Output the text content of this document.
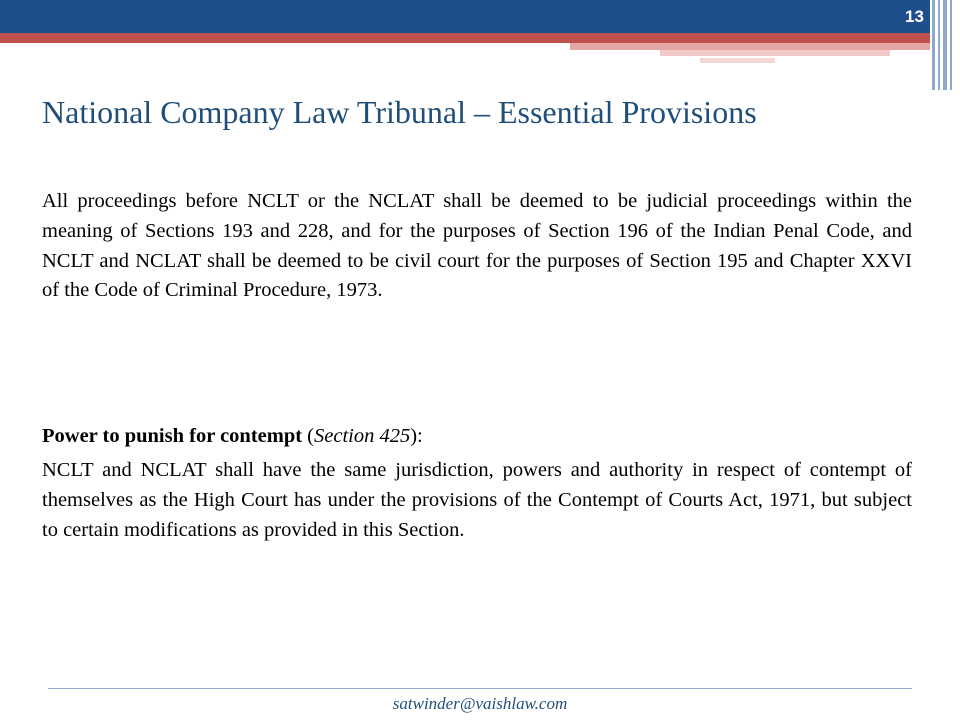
13
National Company Law Tribunal – Essential Provisions

All proceedings before NCLT or the NCLAT shall be deemed to be judicial proceedings within the meaning of Sections 193 and 228, and for the purposes of Section 196 of the Indian Penal Code, and NCLT and NCLAT shall be deemed to be civil court for the purposes of Section 195 and Chapter XXVI of the Code of Criminal Procedure, 1973.

Power to punish for contempt (Section 425):

NCLT and NCLAT shall have the same jurisdiction, powers and authority in respect of contempt of themselves as the High Court has under the provisions of the Contempt of Courts Act, 1971, but subject to certain modifications as provided in this Section.

satwinder@vaishlaw.com
